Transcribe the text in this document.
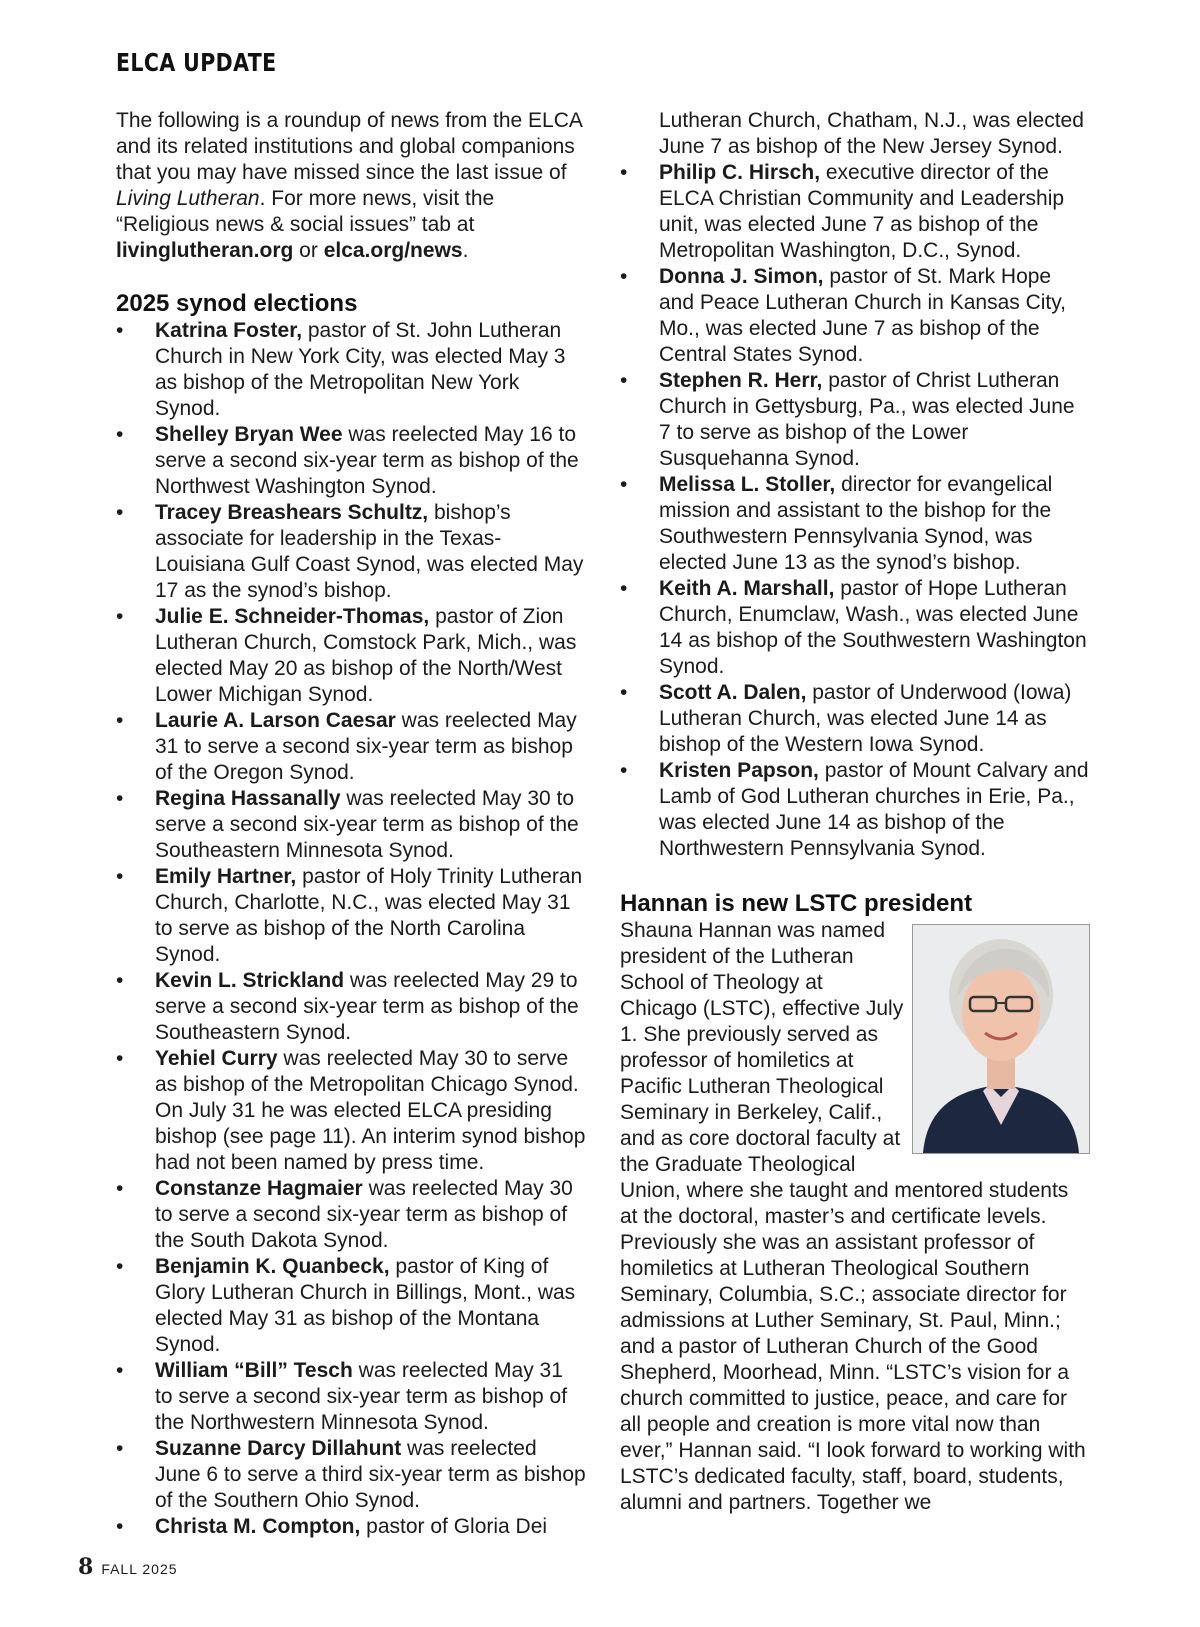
ELCA UPDATE

The following is a roundup of news from the ELCA and its related institutions and global companions that you may have missed since the last issue of Living Lutheran. For more news, visit the “Religious news & social issues” tab at livinglutheran.org or elca.org/news.

2025 synod elections
• Katrina Foster, pastor of St. John Lutheran Church in New York City, was elected May 3 as bishop of the Metropolitan New York Synod.
• Shelley Bryan Wee was reelected May 16 to serve a second six-year term as bishop of the Northwest Washington Synod.
• Tracey Breashears Schultz, bishop’s associate for leadership in the Texas-Louisiana Gulf Coast Synod, was elected May 17 as the synod’s bishop.
• Julie E. Schneider-Thomas, pastor of Zion Lutheran Church, Comstock Park, Mich., was elected May 20 as bishop of the North/West Lower Michigan Synod.
• Laurie A. Larson Caesar was reelected May 31 to serve a second six-year term as bishop of the Oregon Synod.
• Regina Hassanally was reelected May 30 to serve a second six-year term as bishop of the Southeastern Minnesota Synod.
• Emily Hartner, pastor of Holy Trinity Lutheran Church, Charlotte, N.C., was elected May 31 to serve as bishop of the North Carolina Synod.
• Kevin L. Strickland was reelected May 29 to serve a second six-year term as bishop of the Southeastern Synod.
• Yehiel Curry was reelected May 30 to serve as bishop of the Metropolitan Chicago Synod. On July 31 he was elected ELCA presiding bishop (see page 11). An interim synod bishop had not been named by press time.
• Constanze Hagmaier was reelected May 30 to serve a second six-year term as bishop of the South Dakota Synod.
• Benjamin K. Quanbeck, pastor of King of Glory Lutheran Church in Billings, Mont., was elected May 31 as bishop of the Montana Synod.
• William “Bill” Tesch was reelected May 31 to serve a second six-year term as bishop of the Northwestern Minnesota Synod.
• Suzanne Darcy Dillahunt was reelected June 6 to serve a third six-year term as bishop of the Southern Ohio Synod.
• Christa M. Compton, pastor of Gloria Dei
Lutheran Church, Chatham, N.J., was elected June 7 as bishop of the New Jersey Synod.
• Philip C. Hirsch, executive director of the ELCA Christian Community and Leadership unit, was elected June 7 as bishop of the Metropolitan Washington, D.C., Synod.
• Donna J. Simon, pastor of St. Mark Hope and Peace Lutheran Church in Kansas City, Mo., was elected June 7 as bishop of the Central States Synod.
• Stephen R. Herr, pastor of Christ Lutheran Church in Gettysburg, Pa., was elected June 7 to serve as bishop of the Lower Susquehanna Synod.
• Melissa L. Stoller, director for evangelical mission and assistant to the bishop for the Southwestern Pennsylvania Synod, was elected June 13 as the synod’s bishop.
• Keith A. Marshall, pastor of Hope Lutheran Church, Enumclaw, Wash., was elected June 14 as bishop of the Southwestern Washington Synod.
• Scott A. Dalen, pastor of Underwood (Iowa) Lutheran Church, was elected June 14 as bishop of the Western Iowa Synod.
• Kristen Papson, pastor of Mount Calvary and Lamb of God Lutheran churches in Erie, Pa., was elected June 14 as bishop of the Northwestern Pennsylvania Synod.
Hannan is new LSTC president

Shauna Hannan was named president of the Lutheran School of Theology at Chicago (LSTC), effective July 1. She previously served as professor of homiletics at Pacific Lutheran Theological Seminary in Berkeley, Calif., and as core doctoral faculty at the Graduate Theological Union, where she taught and mentored students at the doctoral, master’s and certificate levels. Previously she was an assistant professor of homiletics at Lutheran Theological Southern Seminary, Columbia, S.C.; associate director for admissions at Luther Seminary, St. Paul, Minn.; and a pastor of Lutheran Church of the Good Shepherd, Moorhead, Minn. “LSTC’s vision for a church committed to justice, peace, and care for all people and creation is more vital now than ever,” Hannan said. “I look forward to working with LSTC’s dedicated faculty, staff, board, students, alumni and partners. Together we

8 FALL 2025
